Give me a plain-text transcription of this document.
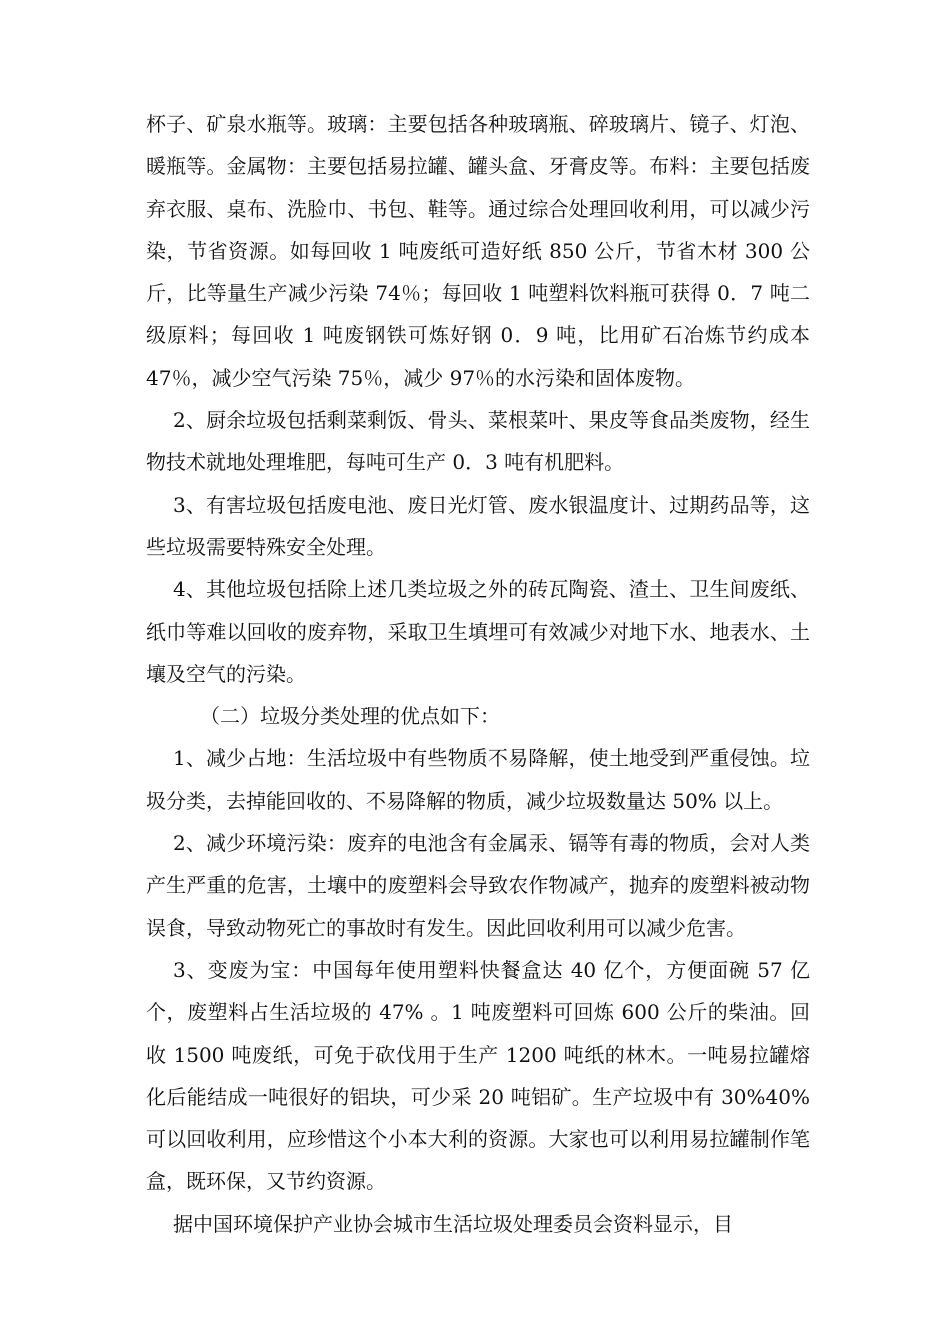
杯子、矿泉水瓶等。玻璃：主要包括各种玻璃瓶、碎玻璃片、镜子、灯泡、暖瓶等。金属物：主要包括易拉罐、罐头盒、牙膏皮等。布料：主要包括废弃衣服、桌布、洗脸巾、书包、鞋等。通过综合处理回收利用，可以减少污染，节省资源。如每回收 1 吨废纸可造好纸 850 公斤，节省木材 300 公斤，比等量生产减少污染 74％；每回收 1 吨塑料饮料瓶可获得 0．7 吨二级原料；每回收 1 吨废钢铁可炼好钢 0．9 吨，比用矿石冶炼节约成本 47％，减少空气污染 75％，减少 97％的水污染和固体废物。

2、厨余垃圾包括剩菜剩饭、骨头、菜根菜叶、果皮等食品类废物，经生物技术就地处理堆肥，每吨可生产 0．3 吨有机肥料。

3、有害垃圾包括废电池、废日光灯管、废水银温度计、过期药品等，这些垃圾需要特殊安全处理。

4、其他垃圾包括除上述几类垃圾之外的砖瓦陶瓷、渣土、卫生间废纸、纸巾等难以回收的废弃物，采取卫生填埋可有效减少对地下水、地表水、土壤及空气的污染。

（二）垃圾分类处理的优点如下：

1、减少占地：生活垃圾中有些物质不易降解，使土地受到严重侵蚀。垃圾分类，去掉能回收的、不易降解的物质，减少垃圾数量达 50% 以上。

2、减少环境污染：废弃的电池含有金属汞、镉等有毒的物质，会对人类产生严重的危害，土壤中的废塑料会导致农作物减产，抛弃的废塑料被动物误食，导致动物死亡的事故时有发生。因此回收利用可以减少危害。

3、变废为宝：中国每年使用塑料快餐盒达 40 亿个，方便面碗 57 亿个，废塑料占生活垃圾的 47% 。1 吨废塑料可回炼 600 公斤的柴油。回收 1500 吨废纸，可免于砍伐用于生产 1200 吨纸的林木。一吨易拉罐熔化后能结成一吨很好的铝块，可少采 20 吨铝矿。生产垃圾中有 30%40% 可以回收利用，应珍惜这个小本大利的资源。大家也可以利用易拉罐制作笔盒，既环保，又节约资源。

据中国环境保护产业协会城市生活垃圾处理委员会资料显示，目
